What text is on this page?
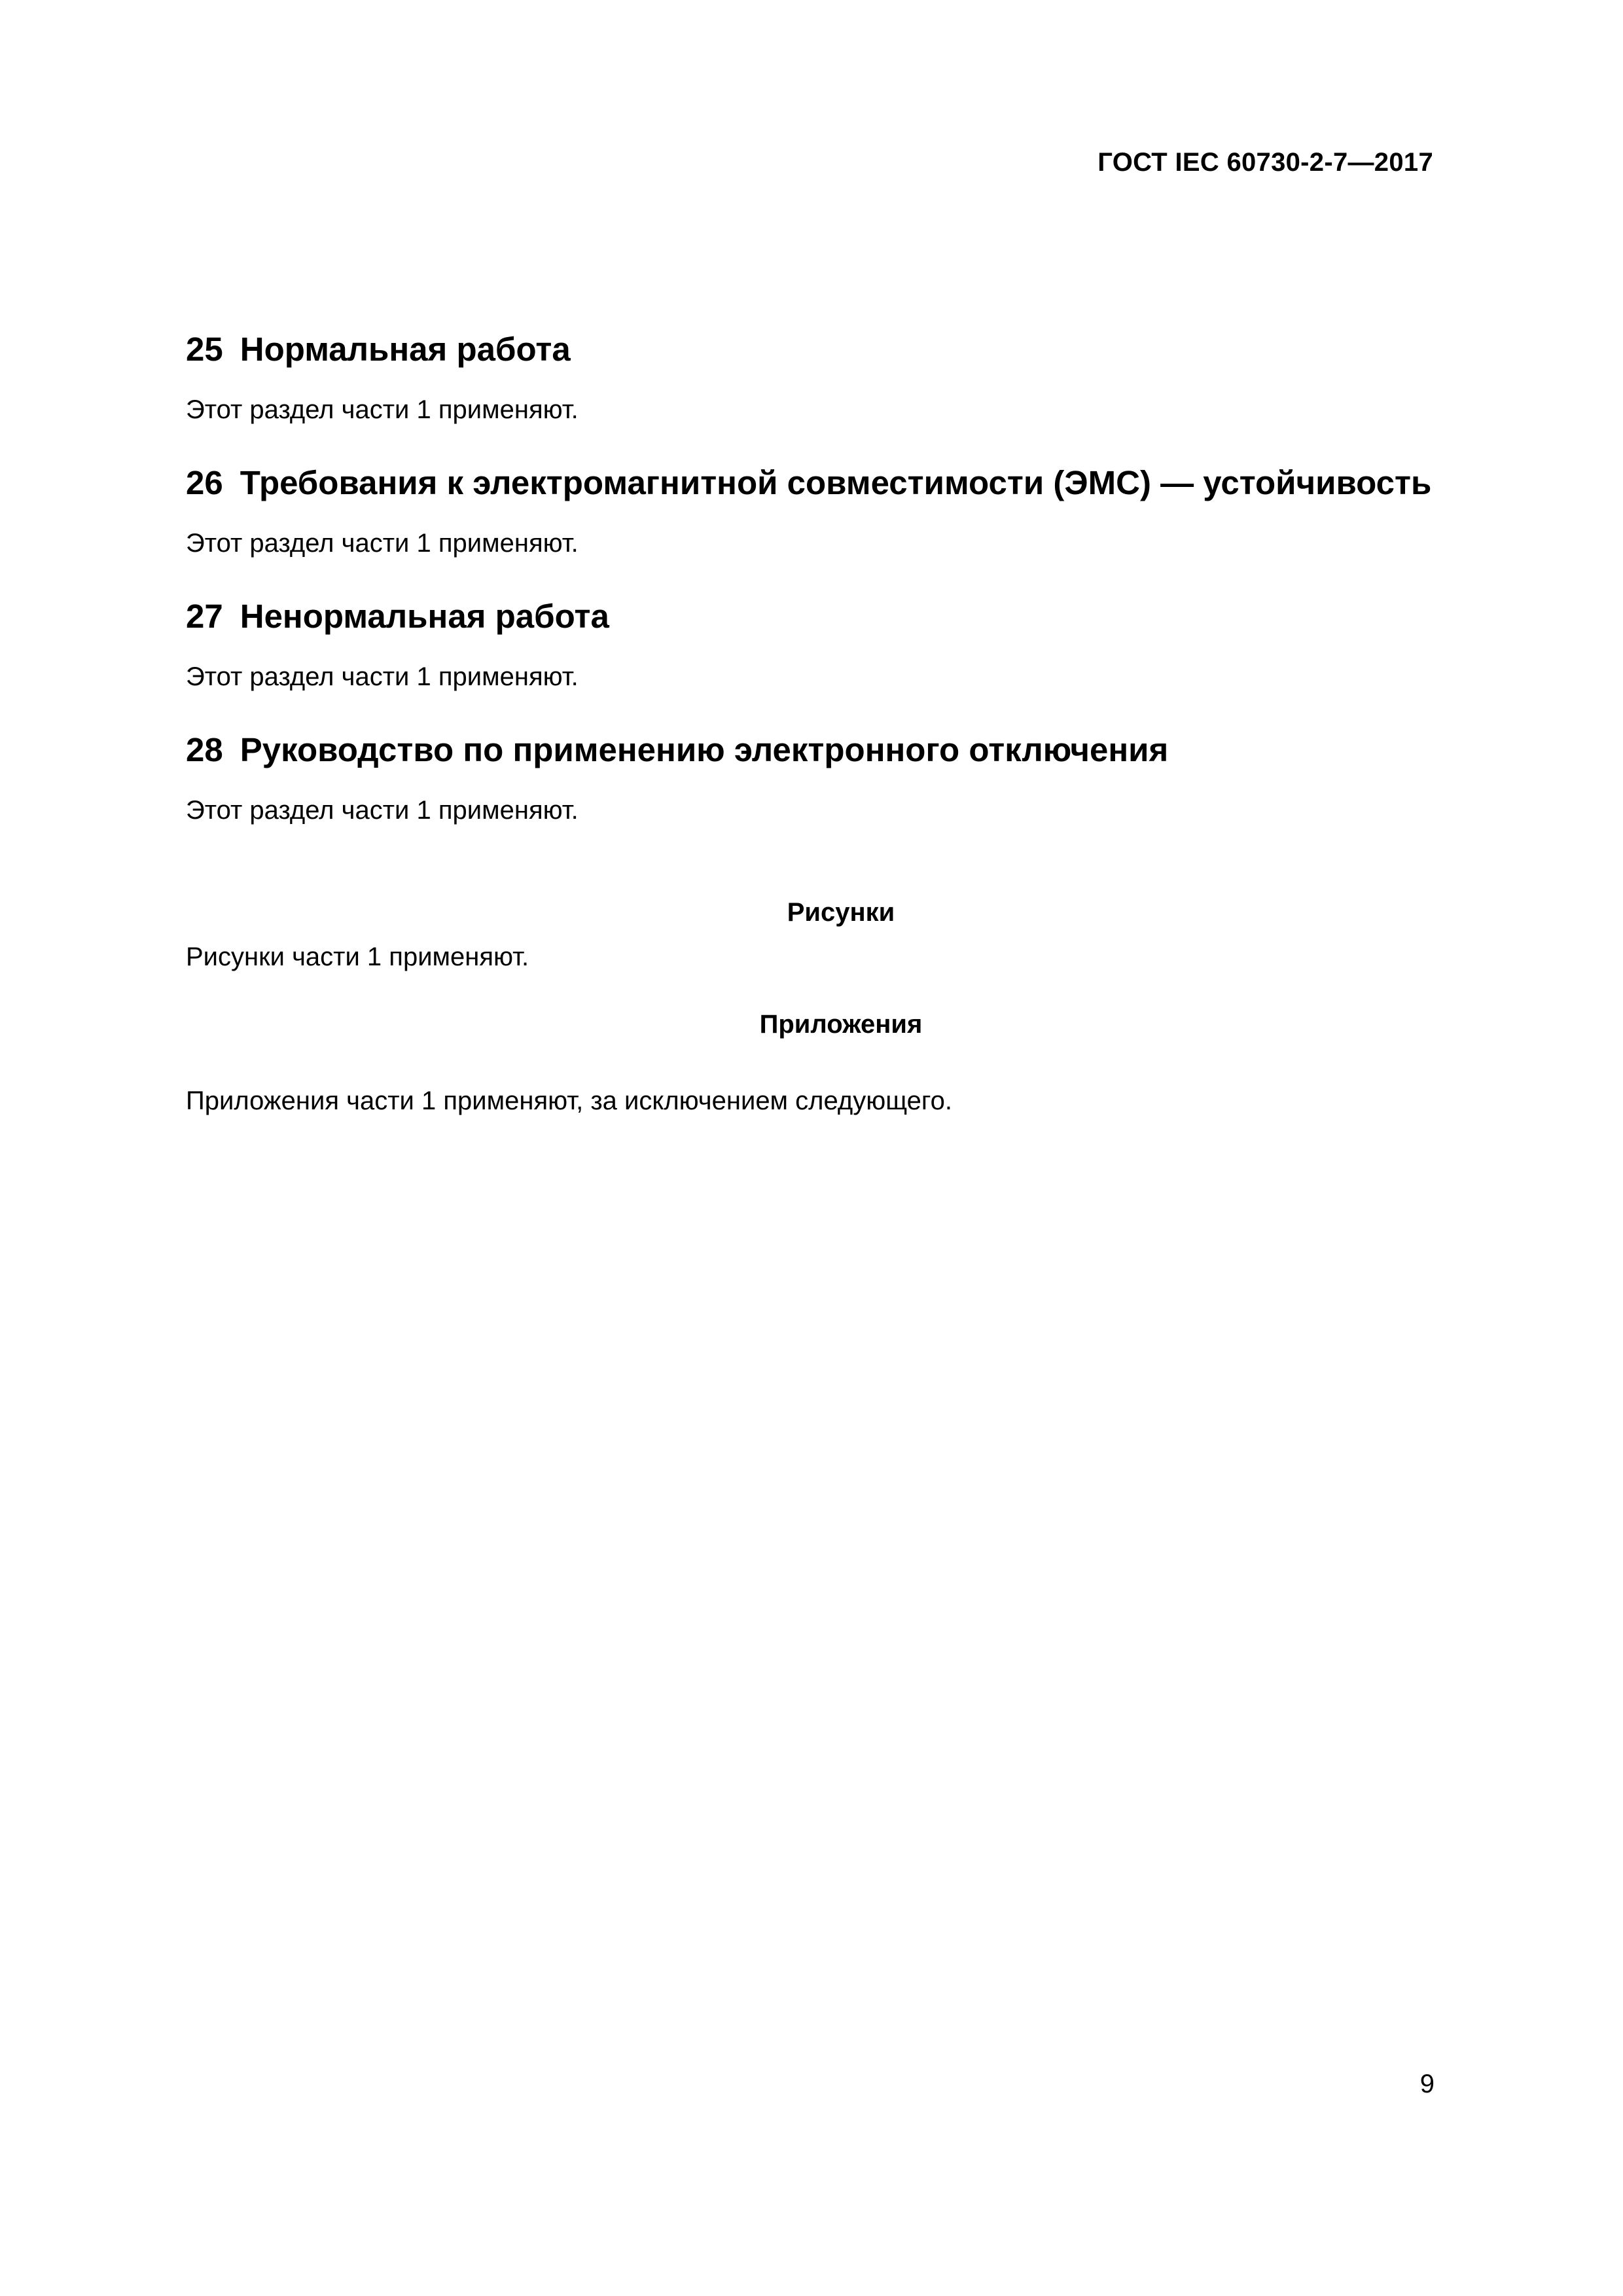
ГОСТ IEC 60730-2-7—2017
25 Нормальная работа
Этот раздел части 1 применяют.
26 Требования к электромагнитной совместимости (ЭМС) — устойчивость
Этот раздел части 1 применяют.
27 Ненормальная работа
Этот раздел части 1 применяют.
28 Руководство по применению электронного отключения
Этот раздел части 1 применяют.
Рисунки
Рисунки части 1 применяют.
Приложения
Приложения части 1 применяют, за исключением следующего.
9
